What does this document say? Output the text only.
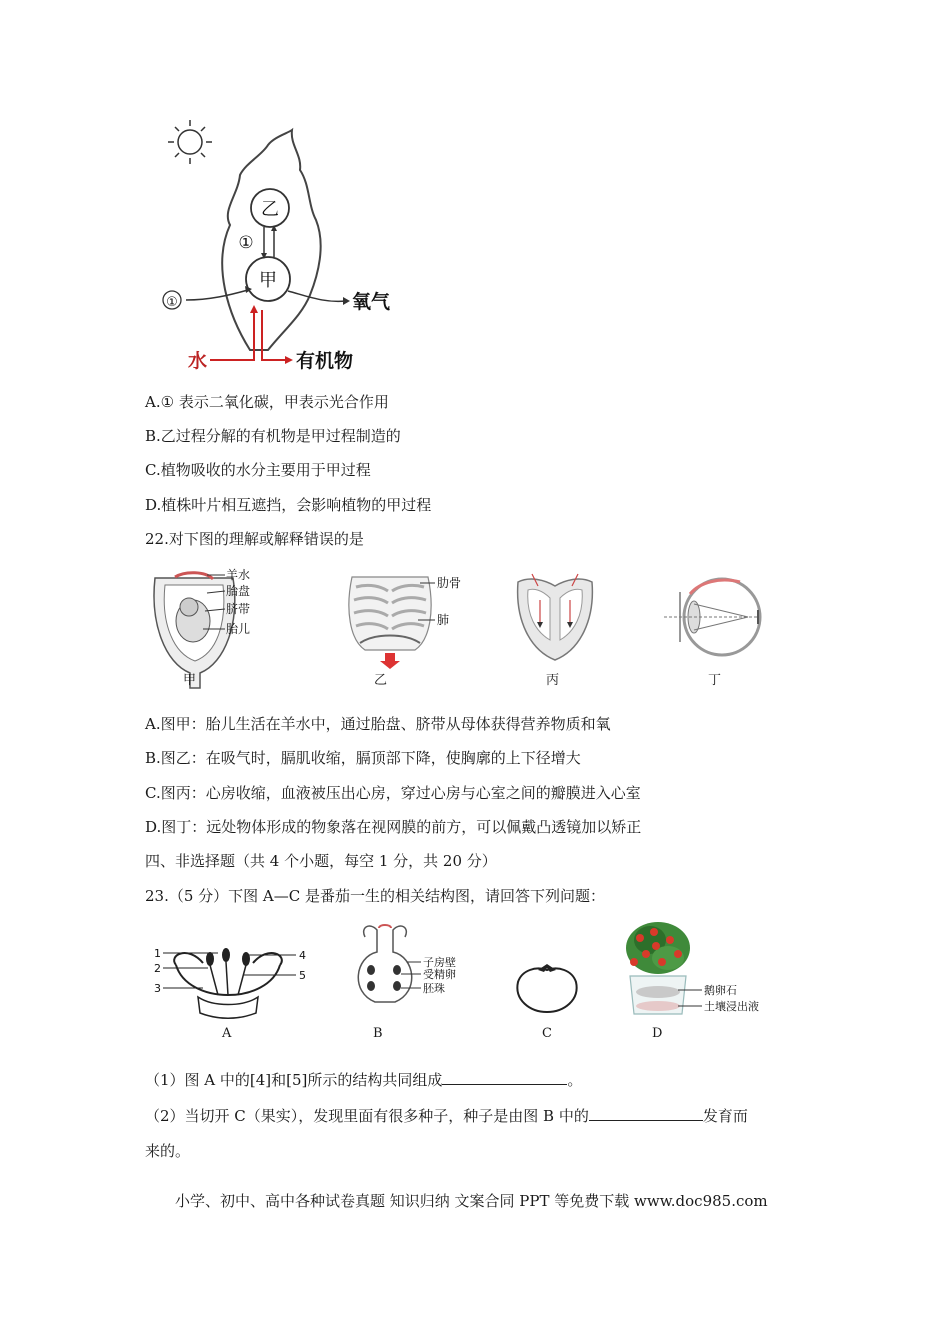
乙
甲
①
①	氧气
水	有机物
A.① 表示二氧化碳，甲表示光合作用
B.乙过程分解的有机物是甲过程制造的
C.植物吸收的水分主要用于甲过程
D.植株叶片相互遮挡，会影响植物的甲过程
22.对下图的理解或解释错误的是
羊水
胎盘
脐带
胎儿
甲
肋骨
肺
乙	丙	丁
A.图甲：胎儿生活在羊水中，通过胎盘、脐带从母体获得营养物质和氧
B.图乙：在吸气时，膈肌收缩，膈顶部下降，使胸廓的上下径增大
C.图丙：心房收缩，血液被压出心房，穿过心房与心室之间的瓣膜进入心室
D.图丁：远处物体形成的物象落在视网膜的前方，可以佩戴凸透镜加以矫正
四、非选择题（共 4 个小题，每空 1 分，共 20 分）
23.（5 分）下图 A—C 是番茄一生的相关结构图，请回答下列问题：
1
2
3
4
5
A
子房壁
受精卵
胚珠
B	C
鹅卵石
土壤浸出液
D
（1）图 A 中的[4]和[5]所示的结构共同组成	。
（2）当切开 C（果实），发现里面有很多种子，种子是由图 B 中的	发育而
来的。
小学、初中、高中各种试卷真题 知识归纳 文案合同 PPT 等免费下载 www.doc985.com
